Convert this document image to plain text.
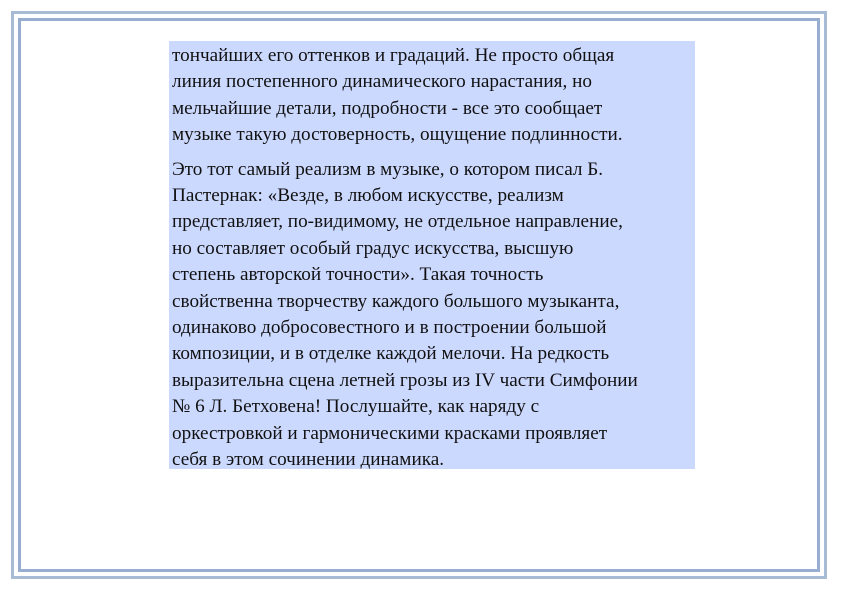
тончайших его оттенков и градаций. Не просто общая
линия постепенного динамического нарастания, но
мельчайшие детали, подробности - все это сообщает
музыке такую достоверность, ощущение подлинности.

Это тот самый реализм в музыке, о котором писал Б.
Пастернак: «Везде, в любом искусстве, реализм
представляет, по-видимому, не отдельное направление,
но составляет особый градус искусства, высшую
степень авторской точности». Такая точность
свойственна творчеству каждого большого музыканта,
одинаково добросовестного и в построении большой
композиции, и в отделке каждой мелочи. На редкость
выразительна сцена летней грозы из IV части Симфонии
№ 6 Л. Бетховена! Послушайте, как наряду с
оркестровкой и гармоническими красками проявляет
себя в этом сочинении динамика.
